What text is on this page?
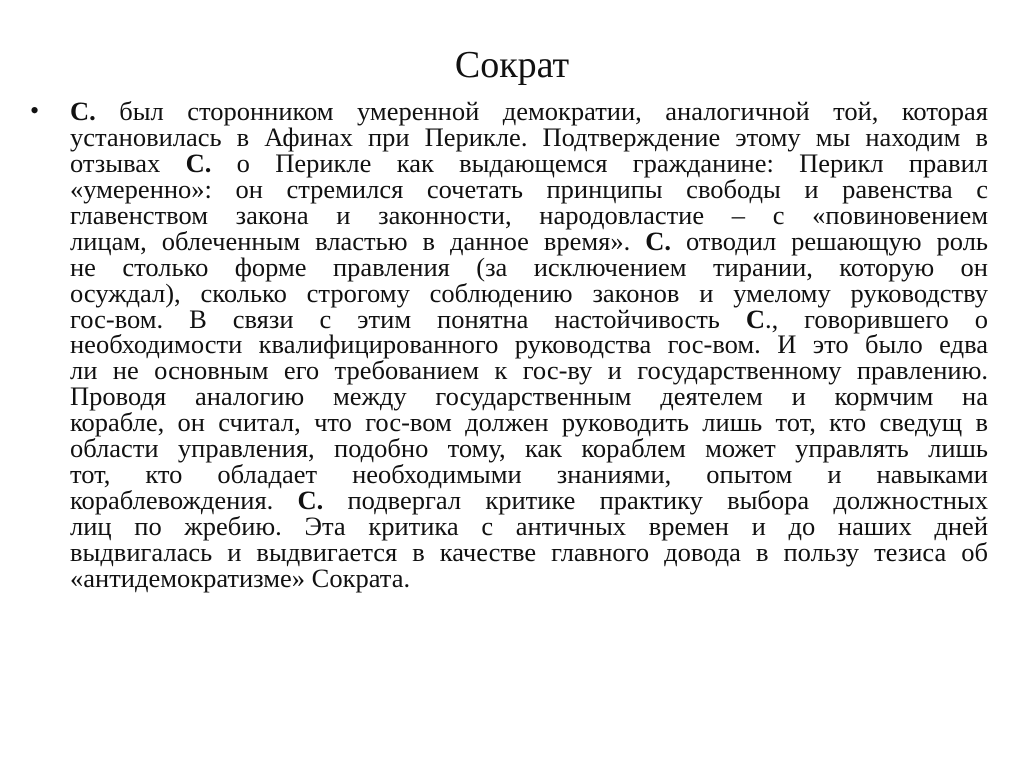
Сократ
• С. был сторонником умеренной демократии, аналогичной той, которая
установилась в Афинах при Перикле. Подтверждение этому мы находим в
отзывах С. о Перикле как выдающемся гражданине: Перикл правил
«умеренно»: он стремился сочетать принципы свободы и равенства с
главенством закона и законности, народовластие – с «повиновением
лицам, облеченным властью в данное время». С. отводил решающую роль
не столько форме правления (за исключением тирании, которую он
осуждал), сколько строгому соблюдению законов и умелому руководству
гос-вом. В связи с этим понятна настойчивость С., говорившего о
необходимости квалифицированного руководства гос-вом. И это было едва
ли не основным его требованием к гос-ву и государственному правлению.
Проводя аналогию между государственным деятелем и кормчим на
корабле, он считал, что гос-вом должен руководить лишь тот, кто сведущ в
области управления, подобно тому, как кораблем может управлять лишь
тот, кто обладает необходимыми знаниями, опытом и навыками
кораблевождения. С. подвергал критике практику выбора должностных
лиц по жребию. Эта критика с античных времен и до наших дней
выдвигалась и выдвигается в качестве главного довода в пользу тезиса об
«антидемократизме» Сократа.
